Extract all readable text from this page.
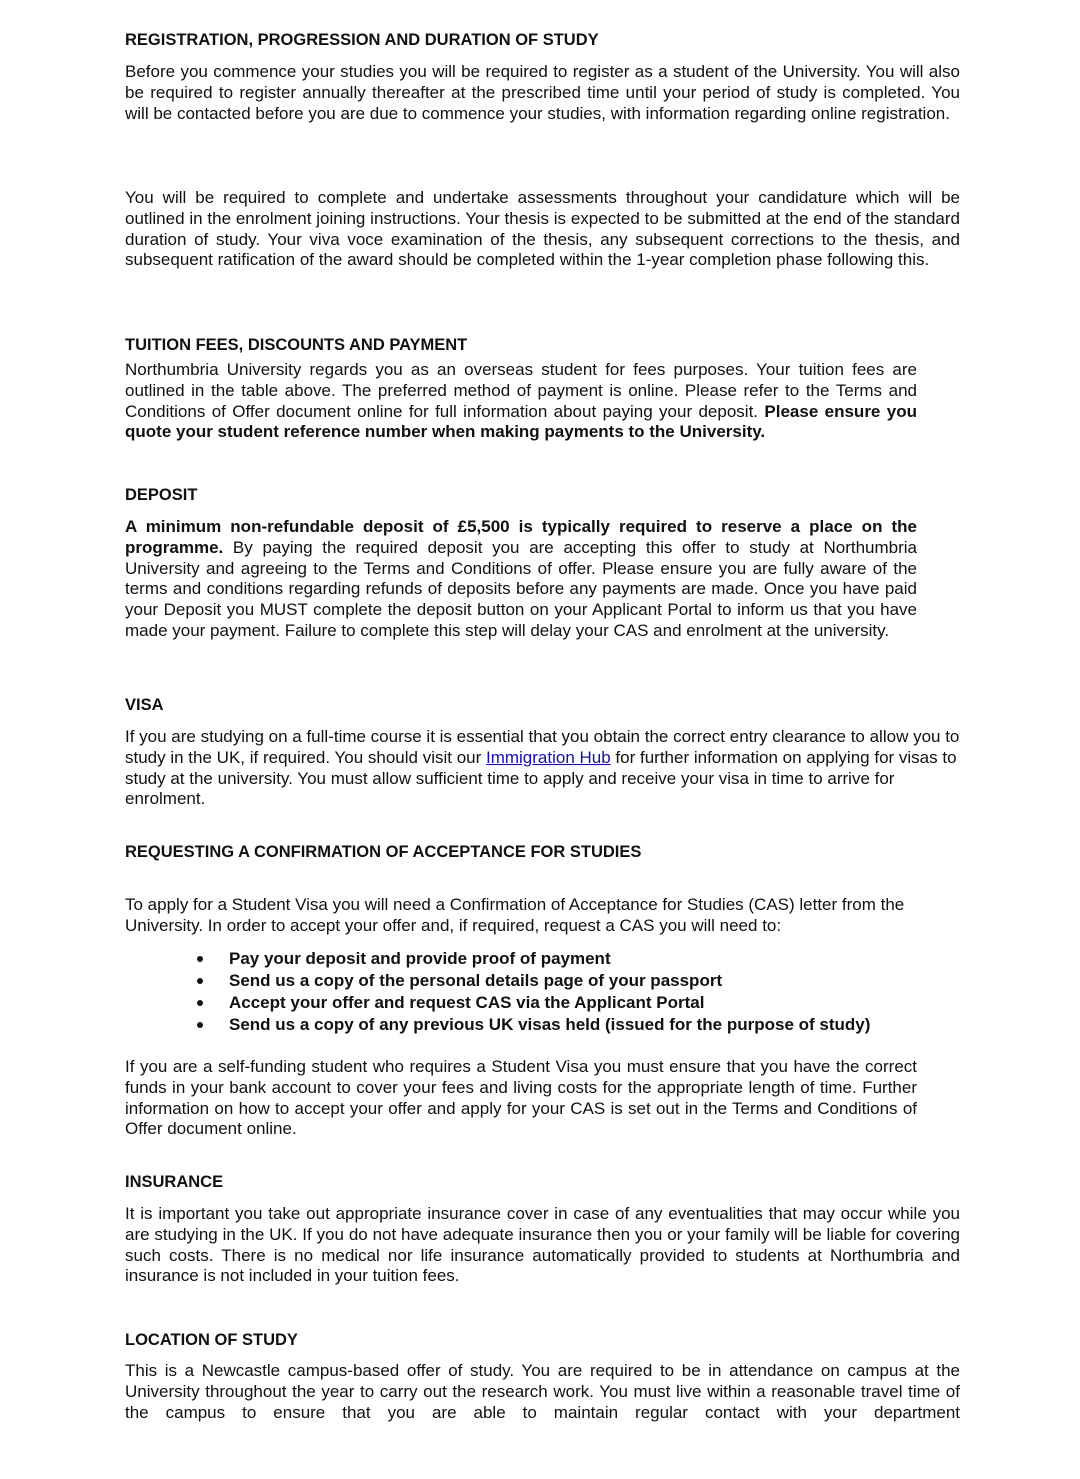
REGISTRATION, PROGRESSION AND DURATION OF STUDY
Before you commence your studies you will be required to register as a student of the University. You will also be required to register annually thereafter at the prescribed time until your period of study is completed. You will be contacted before you are due to commence your studies, with information regarding online registration.
You will be required to complete and undertake assessments throughout your candidature which will be outlined in the enrolment joining instructions. Your thesis is expected to be submitted at the end of the standard duration of study. Your viva voce examination of the thesis, any subsequent corrections to the thesis, and subsequent ratification of the award should be completed within the 1-year completion phase following this.
TUITION FEES, DISCOUNTS AND PAYMENT
Northumbria University regards you as an overseas student for fees purposes. Your tuition fees are outlined in the table above. The preferred method of payment is online. Please refer to the Terms and Conditions of Offer document online for full information about paying your deposit. Please ensure you quote your student reference number when making payments to the University.
DEPOSIT
A minimum non-refundable deposit of £5,500 is typically required to reserve a place on the programme. By paying the required deposit you are accepting this offer to study at Northumbria University and agreeing to the Terms and Conditions of offer. Please ensure you are fully aware of the terms and conditions regarding refunds of deposits before any payments are made. Once you have paid your Deposit you MUST complete the deposit button on your Applicant Portal to inform us that you have made your payment. Failure to complete this step will delay your CAS and enrolment at the university.
VISA
If you are studying on a full-time course it is essential that you obtain the correct entry clearance to allow you to study in the UK, if required. You should visit our Immigration Hub for further information on applying for visas to study at the university. You must allow sufficient time to apply and receive your visa in time to arrive for enrolment.
REQUESTING A CONFIRMATION OF ACCEPTANCE FOR STUDIES
To apply for a Student Visa you will need a Confirmation of Acceptance for Studies (CAS) letter from the University. In order to accept your offer and, if required, request a CAS you will need to:
Pay your deposit and provide proof of payment
Send us a copy of the personal details page of your passport
Accept your offer and request CAS via the Applicant Portal
Send us a copy of any previous UK visas held (issued for the purpose of study)
If you are a self-funding student who requires a Student Visa you must ensure that you have the correct funds in your bank account to cover your fees and living costs for the appropriate length of time. Further information on how to accept your offer and apply for your CAS is set out in the Terms and Conditions of Offer document online.
INSURANCE
It is important you take out appropriate insurance cover in case of any eventualities that may occur while you are studying in the UK. If you do not have adequate insurance then you or your family will be liable for covering such costs. There is no medical nor life insurance automatically provided to students at Northumbria and insurance is not included in your tuition fees.
LOCATION OF STUDY
This is a Newcastle campus-based offer of study. You are required to be in attendance on campus at the University throughout the year to carry out the research work. You must live within a reasonable travel time of the campus to ensure that you are able to maintain regular contact with your department
